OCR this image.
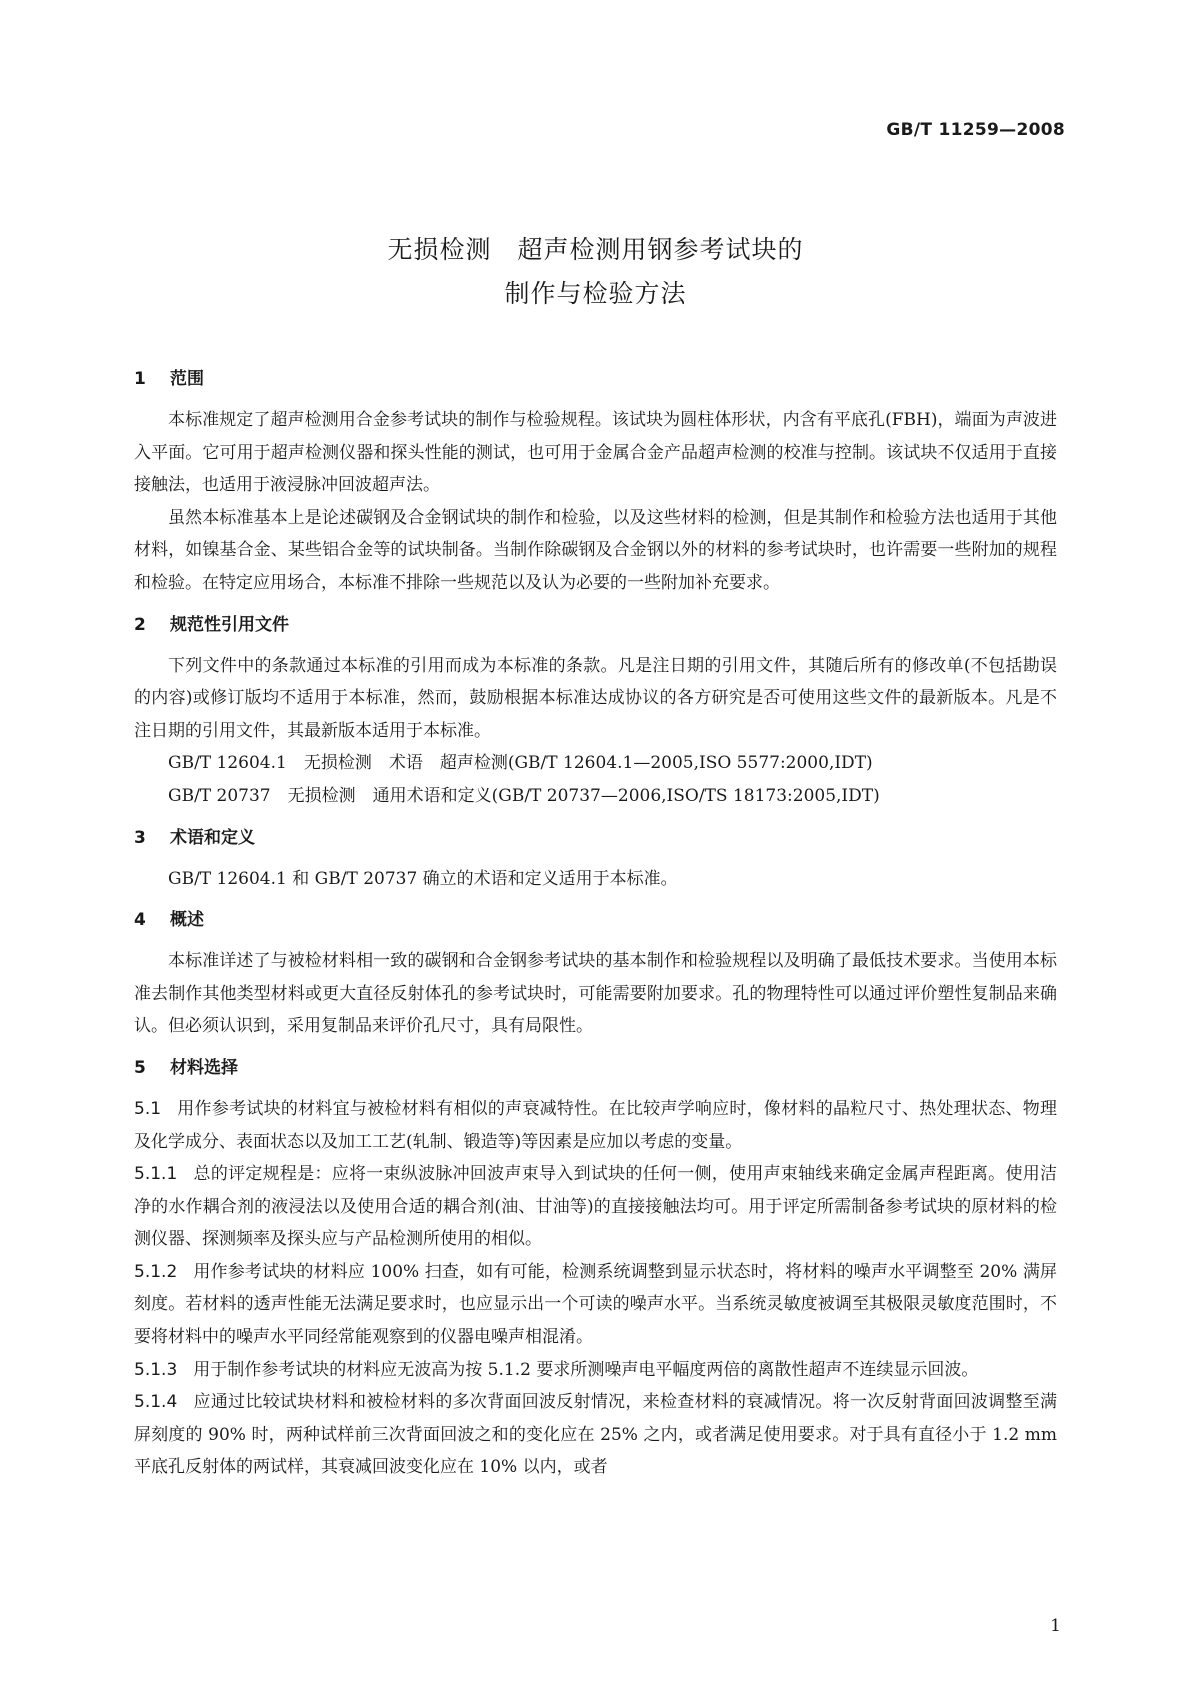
GB/T 11259—2008
无损检测　超声检测用钢参考试块的
制作与检验方法
1 范围

本标准规定了超声检测用合金参考试块的制作与检验规程。该试块为圆柱体形状，内含有平底孔(FBH)，端面为声波进入平面。它可用于超声检测仪器和探头性能的测试，也可用于金属合金产品超声检测的校准与控制。该试块不仅适用于直接接触法，也适用于液浸脉冲回波超声法。

虽然本标准基本上是论述碳钢及合金钢试块的制作和检验，以及这些材料的检测，但是其制作和检验方法也适用于其他材料，如镍基合金、某些铝合金等的试块制备。当制作除碳钢及合金钢以外的材料的参考试块时，也许需要一些附加的规程和检验。在特定应用场合，本标准不排除一些规范以及认为必要的一些附加补充要求。

2 规范性引用文件

下列文件中的条款通过本标准的引用而成为本标准的条款。凡是注日期的引用文件，其随后所有的修改单(不包括勘误的内容)或修订版均不适用于本标准，然而，鼓励根据本标准达成协议的各方研究是否可使用这些文件的最新版本。凡是不注日期的引用文件，其最新版本适用于本标准。

GB/T 12604.1　无损检测　术语　超声检测(GB/T 12604.1—2005,ISO 5577:2000,IDT)

GB/T 20737　无损检测　通用术语和定义(GB/T 20737—2006,ISO/TS 18173:2005,IDT)

3 术语和定义

GB/T 12604.1 和 GB/T 20737 确立的术语和定义适用于本标准。

4 概述

本标准详述了与被检材料相一致的碳钢和合金钢参考试块的基本制作和检验规程以及明确了最低技术要求。当使用本标准去制作其他类型材料或更大直径反射体孔的参考试块时，可能需要附加要求。孔的物理特性可以通过评价塑性复制品来确认。但必须认识到，采用复制品来评价孔尺寸，具有局限性。

5 材料选择

5.1 用作参考试块的材料宜与被检材料有相似的声衰减特性。在比较声学响应时，像材料的晶粒尺寸、热处理状态、物理及化学成分、表面状态以及加工工艺(轧制、锻造等)等因素是应加以考虑的变量。

5.1.1 总的评定规程是：应将一束纵波脉冲回波声束导入到试块的任何一侧，使用声束轴线来确定金属声程距离。使用洁净的水作耦合剂的液浸法以及使用合适的耦合剂(油、甘油等)的直接接触法均可。用于评定所需制备参考试块的原材料的检测仪器、探测频率及探头应与产品检测所使用的相似。

5.1.2 用作参考试块的材料应 100% 扫查，如有可能，检测系统调整到显示状态时，将材料的噪声水平调整至 20% 满屏刻度。若材料的透声性能无法满足要求时，也应显示出一个可读的噪声水平。当系统灵敏度被调至其极限灵敏度范围时，不要将材料中的噪声水平同经常能观察到的仪器电噪声相混淆。

5.1.3 用于制作参考试块的材料应无波高为按 5.1.2 要求所测噪声电平幅度两倍的离散性超声不连续显示回波。

5.1.4 应通过比较试块材料和被检材料的多次背面回波反射情况，来检查材料的衰减情况。将一次反射背面回波调整至满屏刻度的 90% 时，两种试样前三次背面回波之和的变化应在 25% 之内，或者满足使用要求。对于具有直径小于 1.2 mm 平底孔反射体的两试样，其衰减回波变化应在 10% 以内，或者

1
